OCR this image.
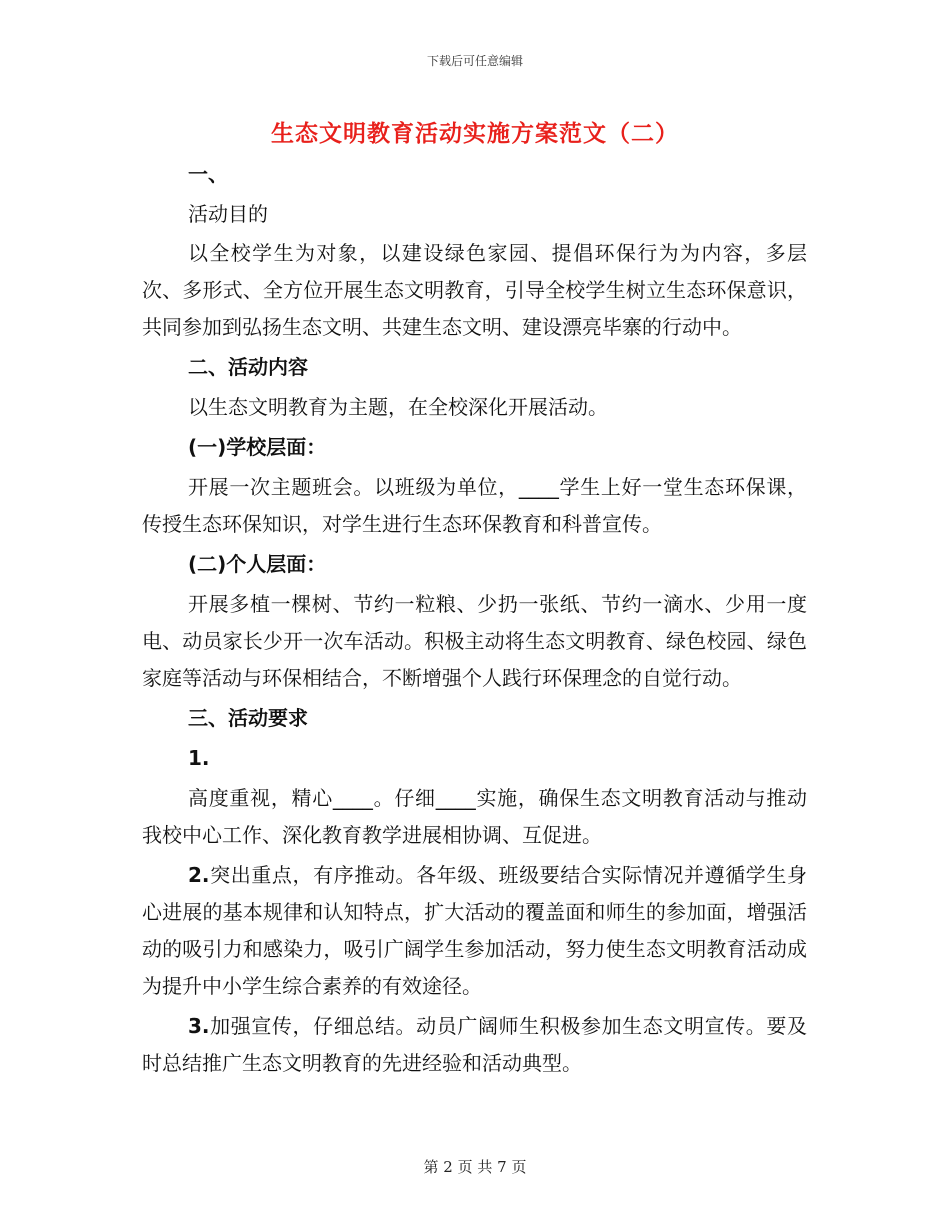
下载后可任意编辑
生态文明教育活动实施方案范文（二）

一、

活动目的

以全校学生为对象，以建设绿色家园、提倡环保行为为内容，多层次、多形式、全方位开展生态文明教育，引导全校学生树立生态环保意识，共同参加到弘扬生态文明、共建生态文明、建设漂亮毕寨的行动中。

二、活动内容

以生态文明教育为主题，在全校深化开展活动。

(一)学校层面：

开展一次主题班会。以班级为单位，____学生上好一堂生态环保课，传授生态环保知识，对学生进行生态环保教育和科普宣传。

(二)个人层面：

开展多植一棵树、节约一粒粮、少扔一张纸、节约一滴水、少用一度电、动员家长少开一次车活动。积极主动将生态文明教育、绿色校园、绿色家庭等活动与环保相结合，不断增强个人践行环保理念的自觉行动。

三、活动要求

1.

高度重视，精心____。仔细____实施，确保生态文明教育活动与推动我校中心工作、深化教育教学进展相协调、互促进。

2.突出重点，有序推动。各年级、班级要结合实际情况并遵循学生身心进展的基本规律和认知特点，扩大活动的覆盖面和师生的参加面，增强活动的吸引力和感染力，吸引广阔学生参加活动，努力使生态文明教育活动成为提升中小学生综合素养的有效途径。

3.加强宣传，仔细总结。动员广阔师生积极参加生态文明宣传。要及时总结推广生态文明教育的先进经验和活动典型。

第 2 页 共 7 页
